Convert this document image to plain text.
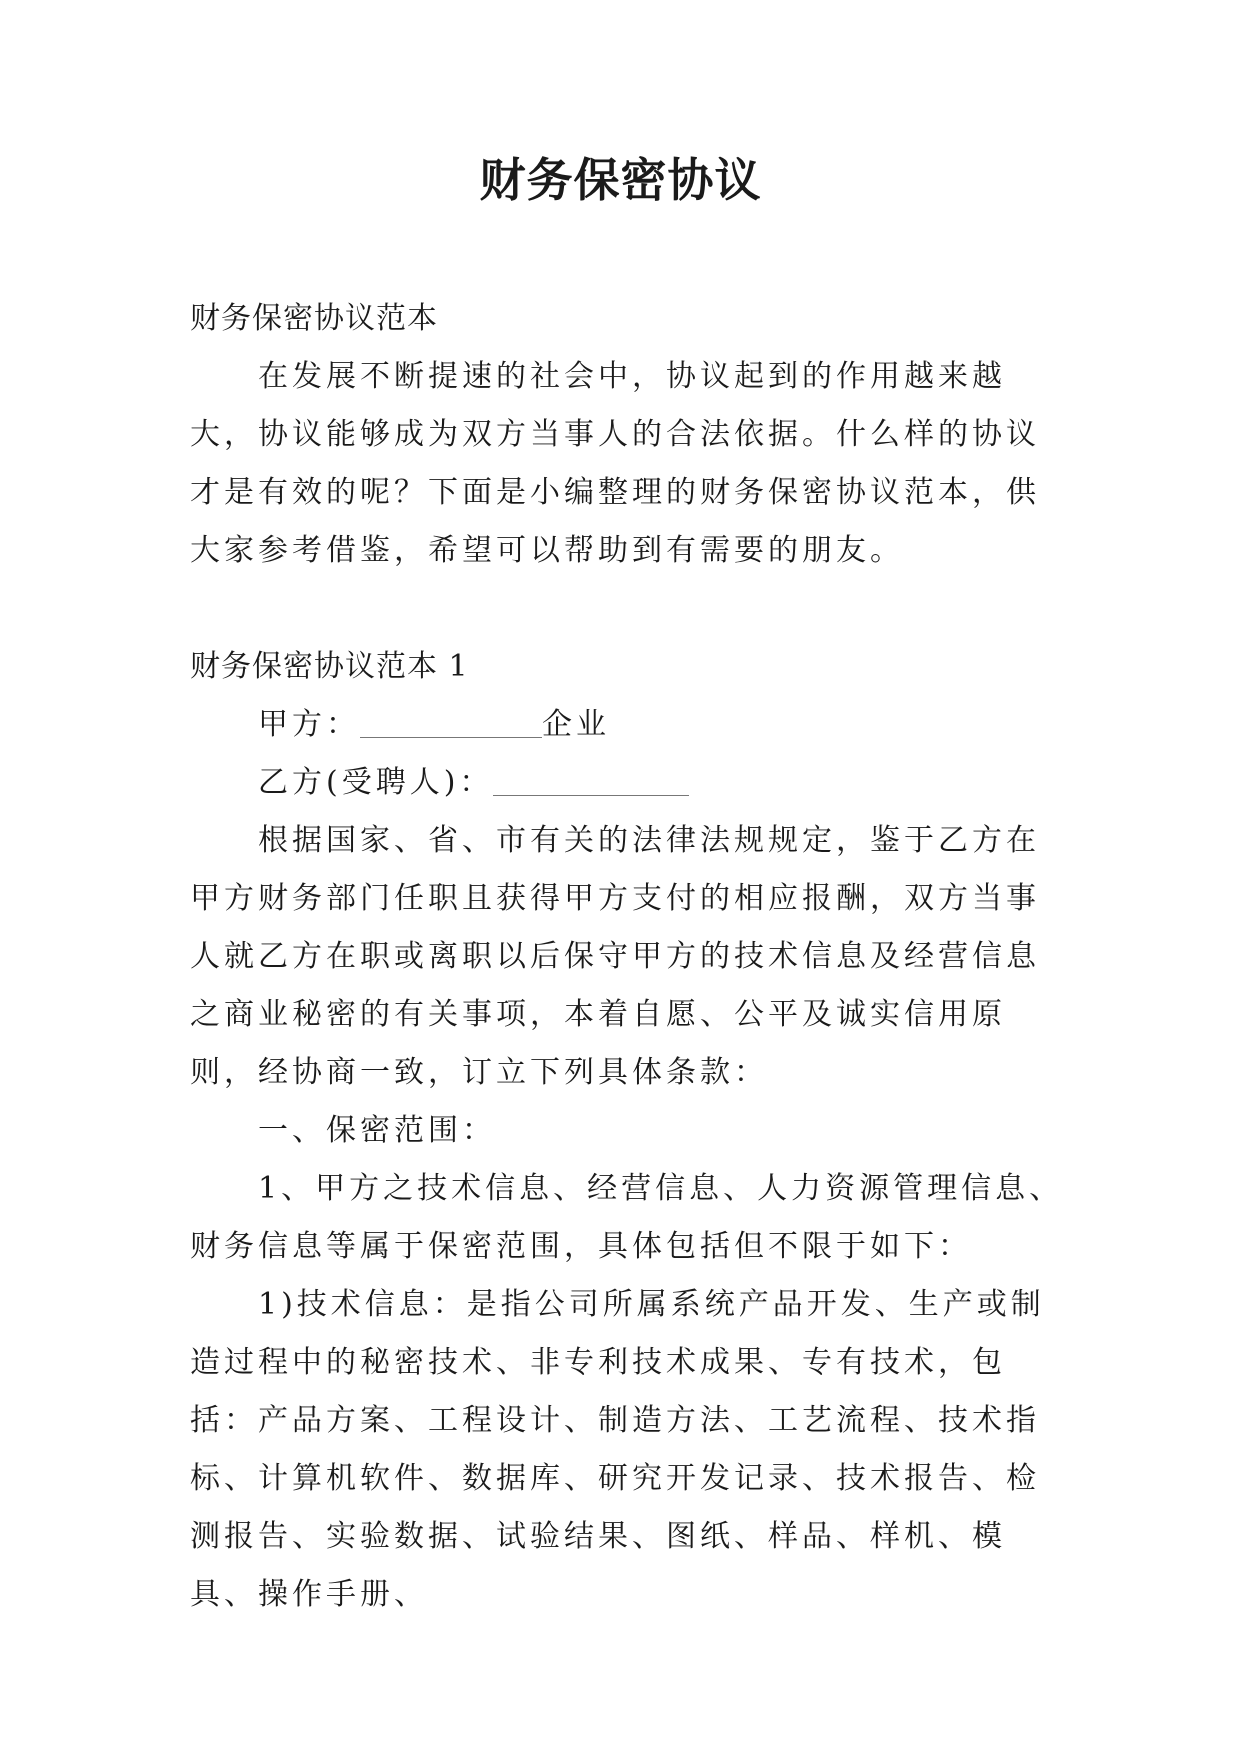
财务保密协议

财务保密协议范本

在发展不断提速的社会中，协议起到的作用越来越大，协议能够成为双方当事人的合法依据。什么样的协议才是有效的呢？下面是小编整理的财务保密协议范本，供大家参考借鉴，希望可以帮助到有需要的朋友。

财务保密协议范本 1

甲方：	企业

乙方(受聘人)：

根据国家、省、市有关的法律法规规定，鉴于乙方在甲方财务部门任职且获得甲方支付的相应报酬，双方当事人就乙方在职或离职以后保守甲方的技术信息及经营信息之商业秘密的有关事项，本着自愿、公平及诚实信用原则，经协商一致，订立下列具体条款：

一、保密范围：

1、甲方之技术信息、经营信息、人力资源管理信息、财务信息等属于保密范围，具体包括但不限于如下：

1)技术信息：是指公司所属系统产品开发、生产或制造过程中的秘密技术、非专利技术成果、专有技术，包括：产品方案、工程设计、制造方法、工艺流程、技术指标、计算机软件、数据库、研究开发记录、技术报告、检测报告、实验数据、试验结果、图纸、样品、样机、模具、操作手册、
